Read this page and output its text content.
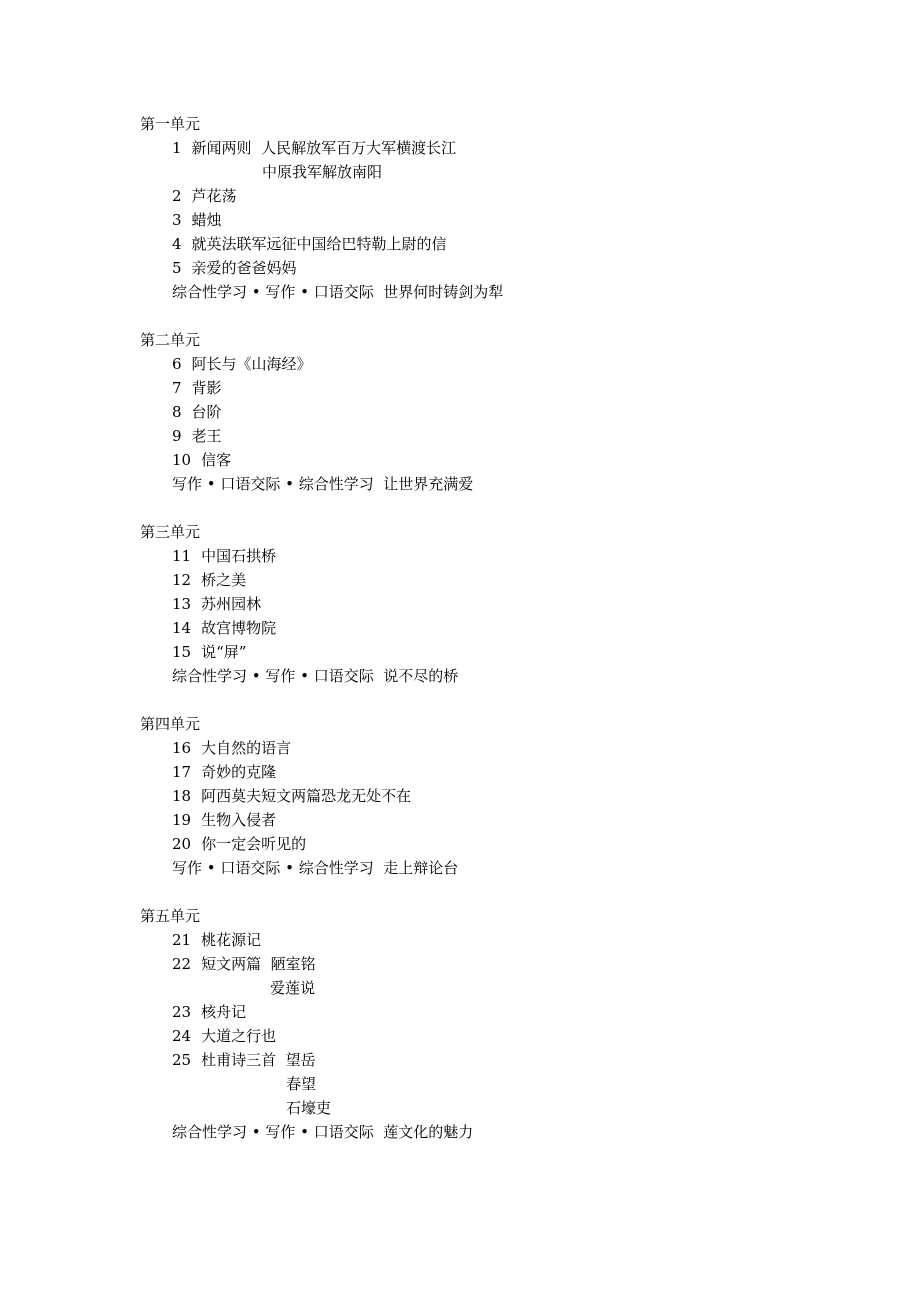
第一单元
1 新闻两则  人民解放军百万大军横渡长江
中原我军解放南阳
2 芦花荡
3 蜡烛
4 就英法联军远征中国给巴特勒上尉的信
5 亲爱的爸爸妈妈
综合性学习 • 写作 • 口语交际  世界何时铸剑为犁
第二单元
6 阿长与《山海经》
7 背影
8 台阶
9 老王
10 信客
写作 • 口语交际 • 综合性学习  让世界充满爱
第三单元
11 中国石拱桥
12 桥之美
13 苏州园林
14 故宫博物院
15 说“屏”
综合性学习 • 写作 • 口语交际  说不尽的桥
第四单元
16 大自然的语言
17 奇妙的克隆
18 阿西莫夫短文两篇恐龙无处不在
19 生物入侵者
20 你一定会听见的
写作 • 口语交际 • 综合性学习  走上辩论台
第五单元
21 桃花源记
22 短文两篇  陋室铭
爱莲说
23 核舟记
24 大道之行也
25 杜甫诗三首  望岳
春望
石壕吏
综合性学习 • 写作 • 口语交际  莲文化的魅力
